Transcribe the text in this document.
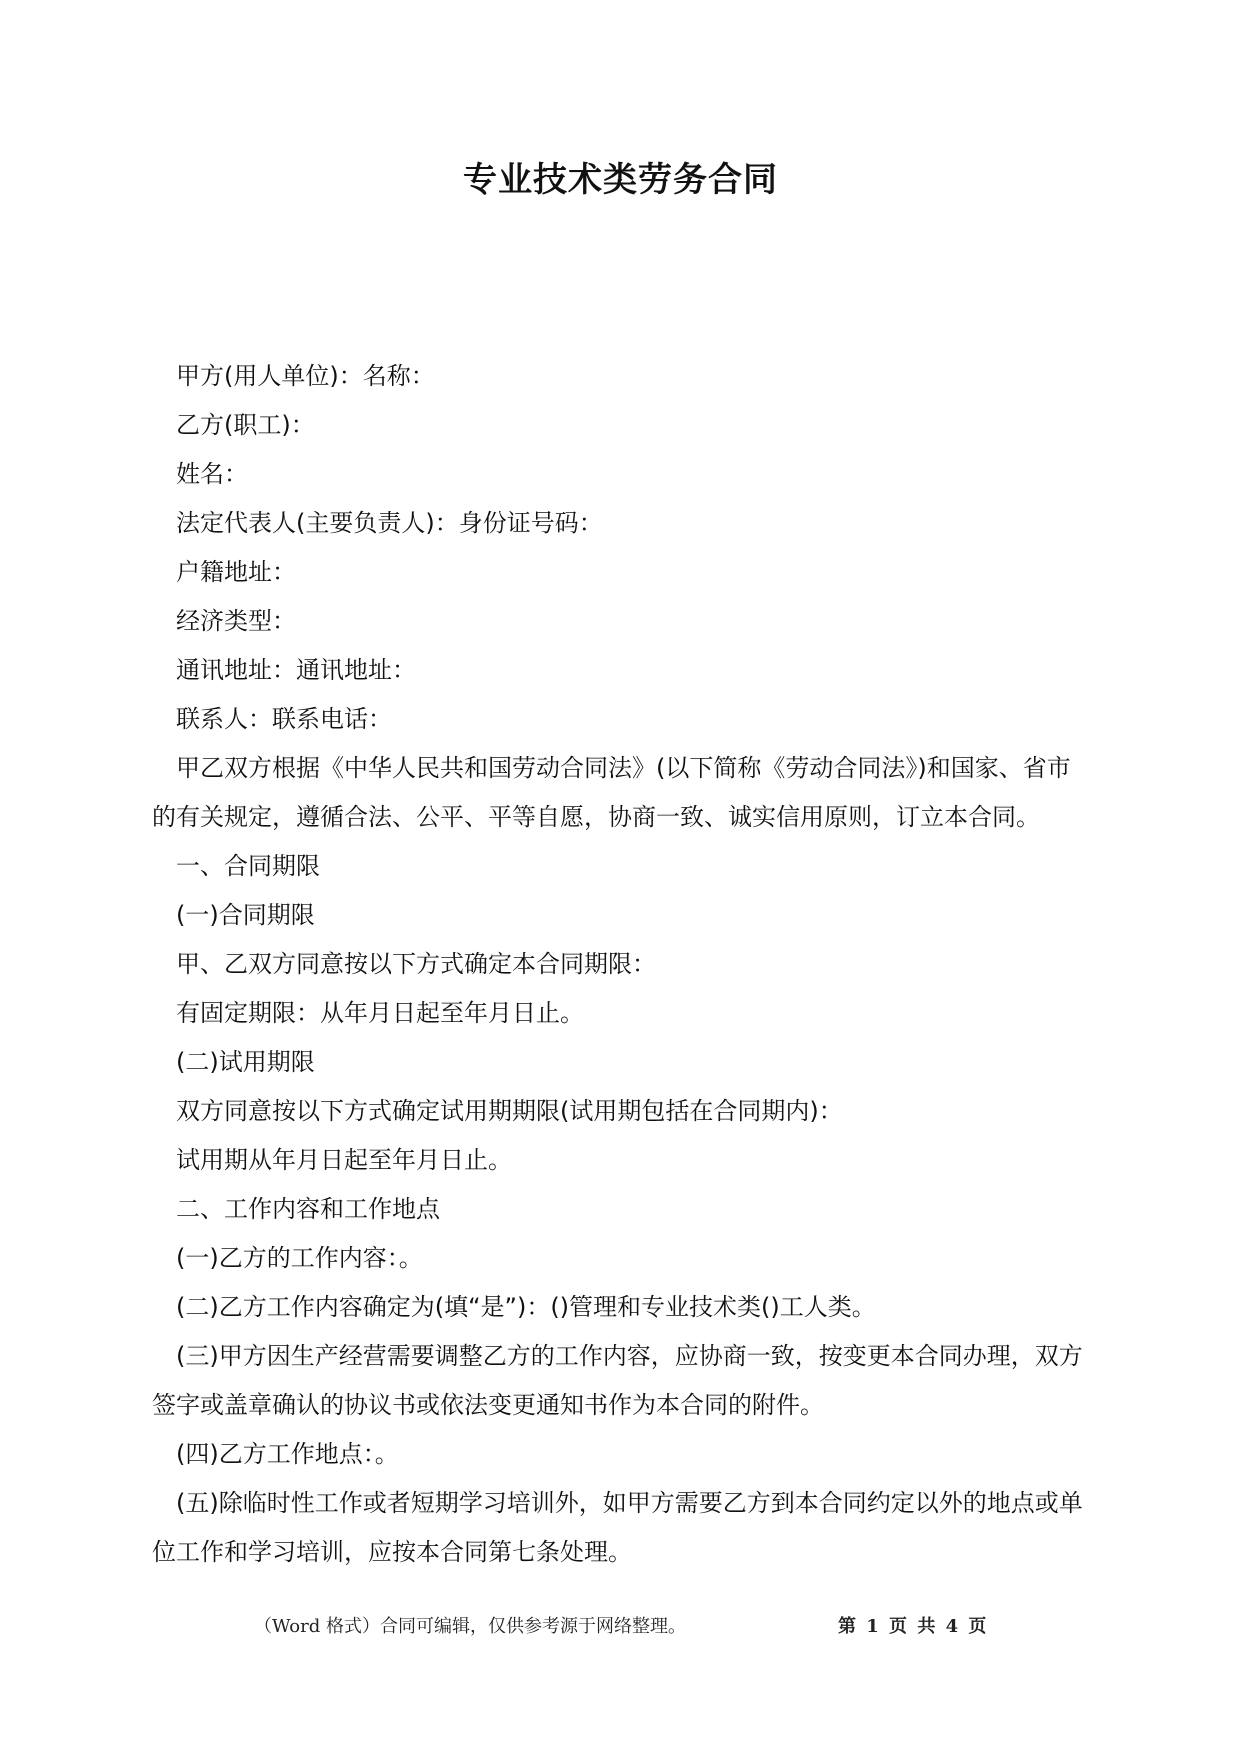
专业技术类劳务合同

甲方(用人单位)：名称：

乙方(职工)：

姓名：

法定代表人(主要负责人)：身份证号码：

户籍地址：

经济类型：

通讯地址：通讯地址：

联系人：联系电话：

甲乙双方根据《中华人民共和国劳动合同法》(以下简称《劳动合同法》)和国家、省市的有关规定，遵循合法、公平、平等自愿，协商一致、诚实信用原则，订立本合同。

一、合同期限

(一)合同期限

甲、乙双方同意按以下方式确定本合同期限：

有固定期限：从年月日起至年月日止。

(二)试用期限

双方同意按以下方式确定试用期期限(试用期包括在合同期内)：

试用期从年月日起至年月日止。

二、工作内容和工作地点

(一)乙方的工作内容：。

(二)乙方工作内容确定为(填“是”)：()管理和专业技术类()工人类。

(三)甲方因生产经营需要调整乙方的工作内容，应协商一致，按变更本合同办理，双方签字或盖章确认的协议书或依法变更通知书作为本合同的附件。

(四)乙方工作地点：。

(五)除临时性工作或者短期学习培训外，如甲方需要乙方到本合同约定以外的地点或单位工作和学习培训，应按本合同第七条处理。

（Word 格式）合同可编辑，仅供参考源于网络整理。	第 1 页 共 4 页
